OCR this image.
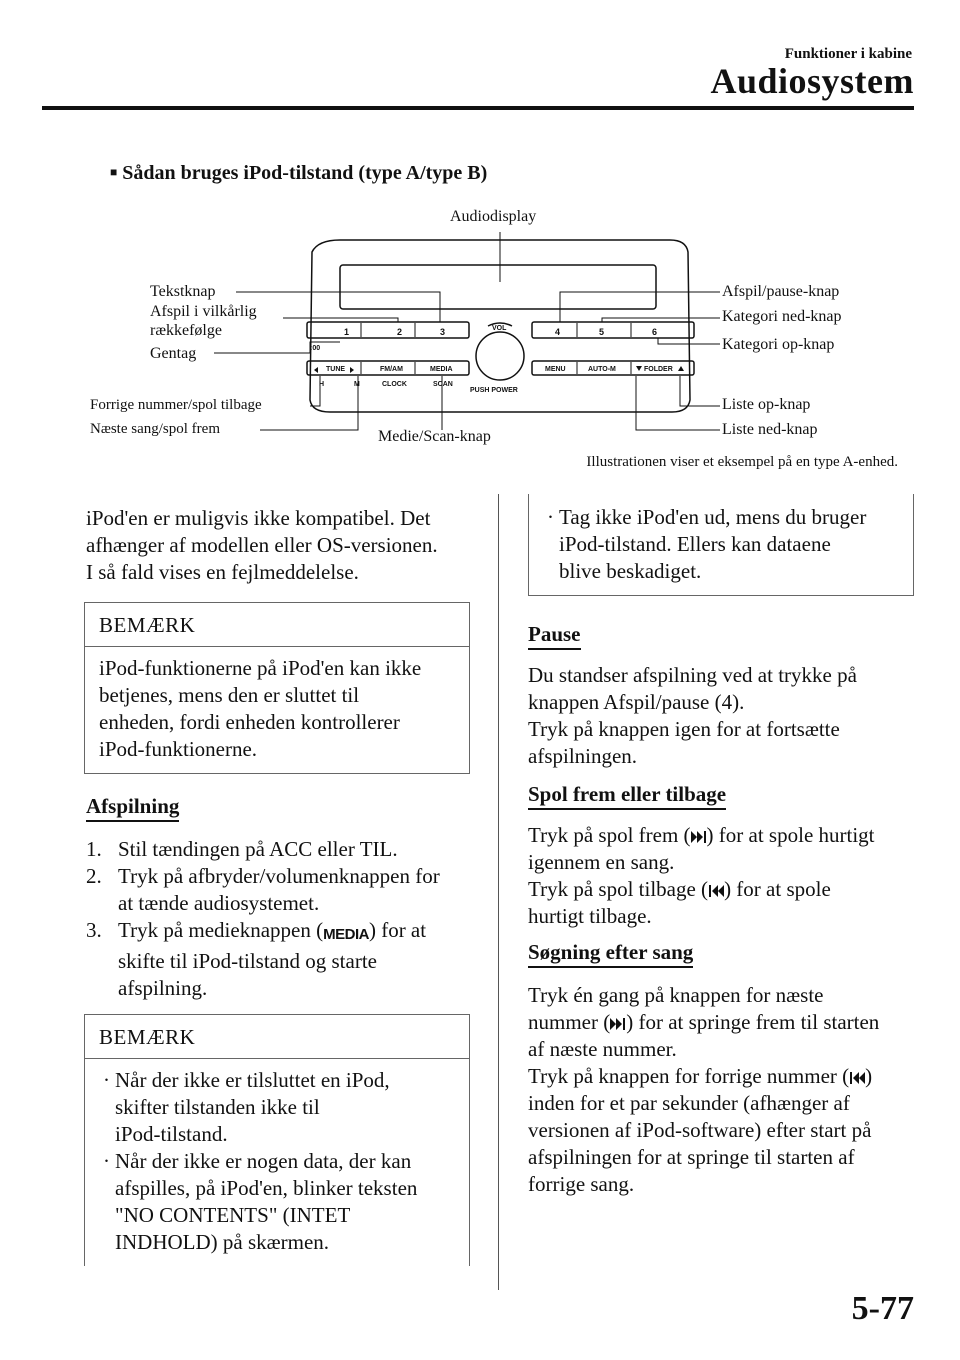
Funktioner i kabine
Audiosystem
■ Sådan bruges iPod-tilstand (type A/type B)
1	2	3	4	5	6
:00
VOL
TUNE	FM/AM	MEDIA	MENU	AUTO-M	FOLDER
H	M	CLOCK	SCAN
PUSH POWER
Audiodisplay
Tekstknap
Afspil i vilkårlig
rækkefølge
Gentag
Forrige nummer/spol tilbage
Næste sang/spol frem	Medie/Scan-knap
Afspil/pause-knap
Kategori ned-knap
Kategori op-knap
Liste op-knap
Liste ned-knap
Illustrationen viser et eksempel på en type A-enhed.

iPod'en er muligvis ikke kompatibel. Det

afhænger af modellen eller OS-versionen.

I så fald vises en fejlmeddelelse.

BEMÆRK
iPod-funktionerne på iPod'en kan ikke
betjenes, mens den er sluttet til
enheden, fordi enheden kontrollerer
iPod-funktionerne.
Afspilning
1. Stil tændingen på ACC eller TIL.
2. Tryk på afbryder/volumenknappen for
at tænde audiosystemet.
3. Tryk på medieknappen (MEDIA) for at
skifte til iPod-tilstand og starte
afspilning.
BEMÆRK
· Når der ikke er tilsluttet en iPod,
skifter tilstanden ikke til
iPod-tilstand.
· Når der ikke er nogen data, der kan
afspilles, på iPod'en, blinker teksten
"NO CONTENTS" (INTET
INDHOLD) på skærmen.
· Tag ikke iPod'en ud, mens du bruger
iPod-tilstand. Ellers kan dataene
blive beskadiget.
Pause

Du standser afspilning ved at trykke på

knappen Afspil/pause (4).

Tryk på knappen igen for at fortsætte

afspilningen.

Spol frem eller tilbage

Tryk på spol frem ( ) for at spole hurtigt

igennem en sang.

Tryk på spol tilbage ( ) for at spole

hurtigt tilbage.

Søgning efter sang

Tryk én gang på knappen for næste

nummer ( ) for at springe frem til starten

af næste nummer.

Tryk på knappen for forrige nummer ( )

inden for et par sekunder (afhænger af

versionen af iPod-software) efter start på

afspilningen for at springe til starten af

forrige sang.

5-77
